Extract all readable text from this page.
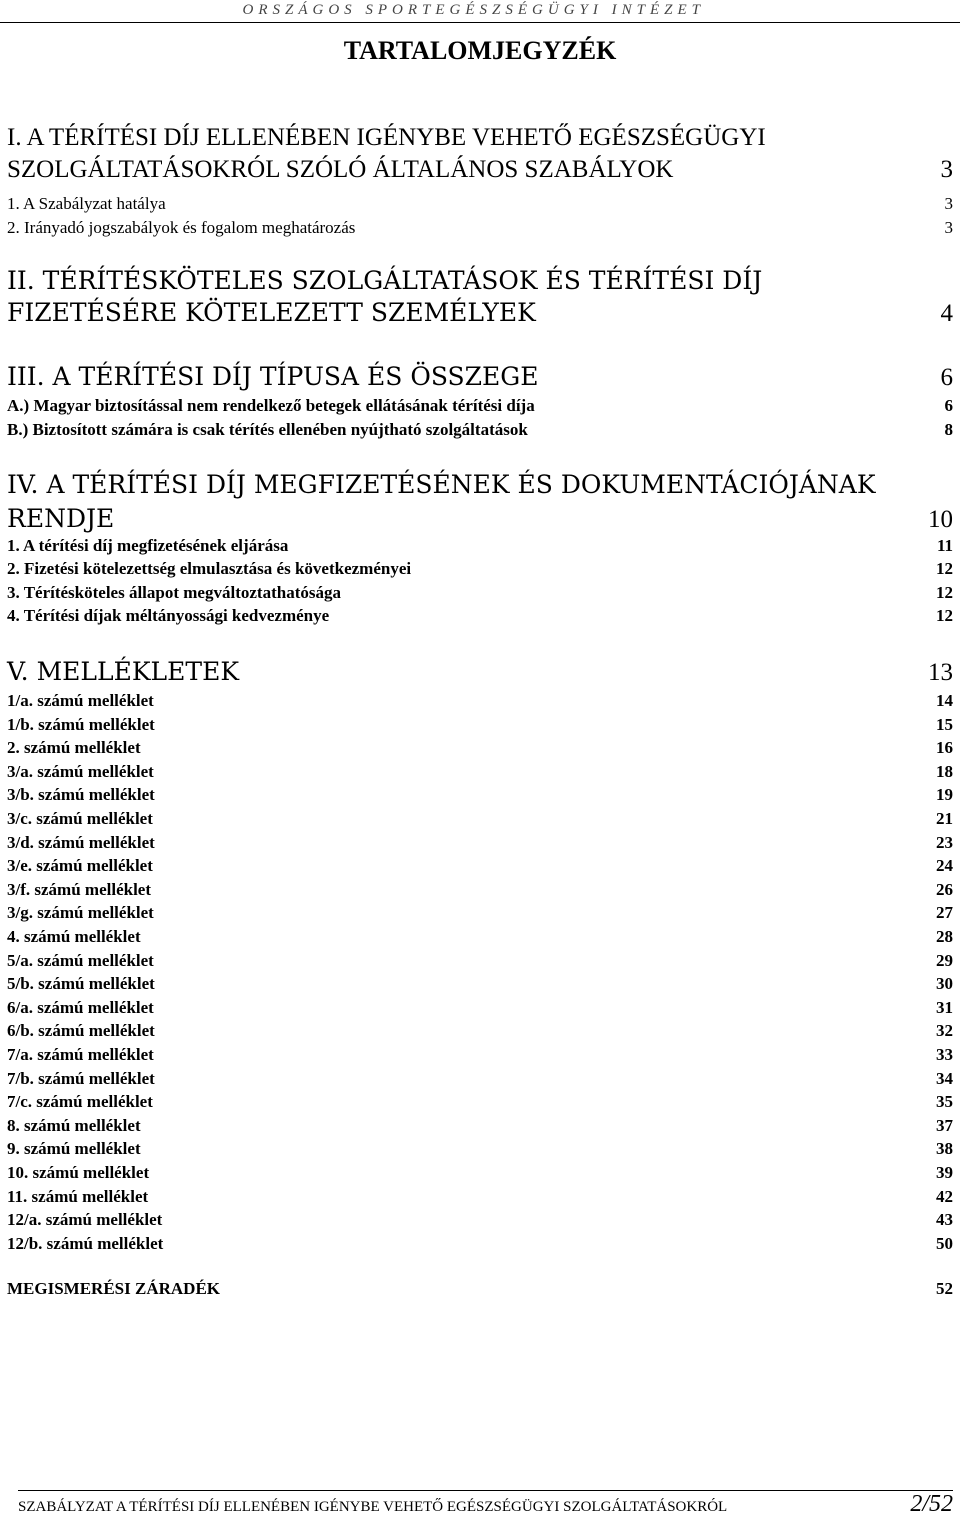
ORSZÁGOS SPORTEGÉSZSÉGÜGYI INTÉZET
TARTALOMJEGYZÉK
I. A TÉRÍTÉSI DÍJ ELLENÉBEN IGÉNYBE VEHETŐ EGÉSZSÉGÜGYI
SZOLGÁLTATÁSOKRÓL SZÓLÓ ÁLTALÁNOS SZABÁLYOK	3
1. A Szabályzat hatálya	3
2. Irányadó jogszabályok és fogalom meghatározás	3
II. TÉRÍTÉSKÖTELES SZOLGÁLTATÁSOK ÉS TÉRÍTÉSI DÍJ
FIZETÉSÉRE KÖTELEZETT SZEMÉLYEK	4
III. A TÉRÍTÉSI DÍJ TÍPUSA ÉS ÖSSZEGE	6
A.) Magyar biztosítással nem rendelkező betegek ellátásának térítési díja	6
B.) Biztosított számára is csak térítés ellenében nyújtható szolgáltatások	8
IV. A TÉRÍTÉSI DÍJ MEGFIZETÉSÉNEK ÉS DOKUMENTÁCIÓJÁNAK
RENDJE	10
1. A térítési díj megfizetésének eljárása	11
2. Fizetési kötelezettség elmulasztása és következményei	12
3. Térítésköteles állapot megváltoztathatósága	12
4. Térítési díjak méltányossági kedvezménye	12
V. MELLÉKLETEK	13
1/a. számú melléklet	14
1/b. számú melléklet	15
2. számú melléklet	16
3/a. számú melléklet	18
3/b. számú melléklet	19
3/c. számú melléklet	21
3/d. számú melléklet	23
3/e. számú melléklet	24
3/f. számú melléklet	26
3/g. számú melléklet	27
4. számú melléklet	28
5/a. számú melléklet	29
5/b. számú melléklet	30
6/a. számú melléklet	31
6/b. számú melléklet	32
7/a. számú melléklet	33
7/b. számú melléklet	34
7/c. számú melléklet	35
8. számú melléklet	37
9. számú melléklet	38
10. számú melléklet	39
11. számú melléklet	42
12/a. számú melléklet	43
12/b. számú melléklet	50
MEGISMERÉSI ZÁRADÉK	52
SZABÁLYZAT A TÉRÍTÉSI DÍJ ELLENÉBEN IGÉNYBE VEHETŐ EGÉSZSÉGÜGYI SZOLGÁLTATÁSOKRÓL	2/52
